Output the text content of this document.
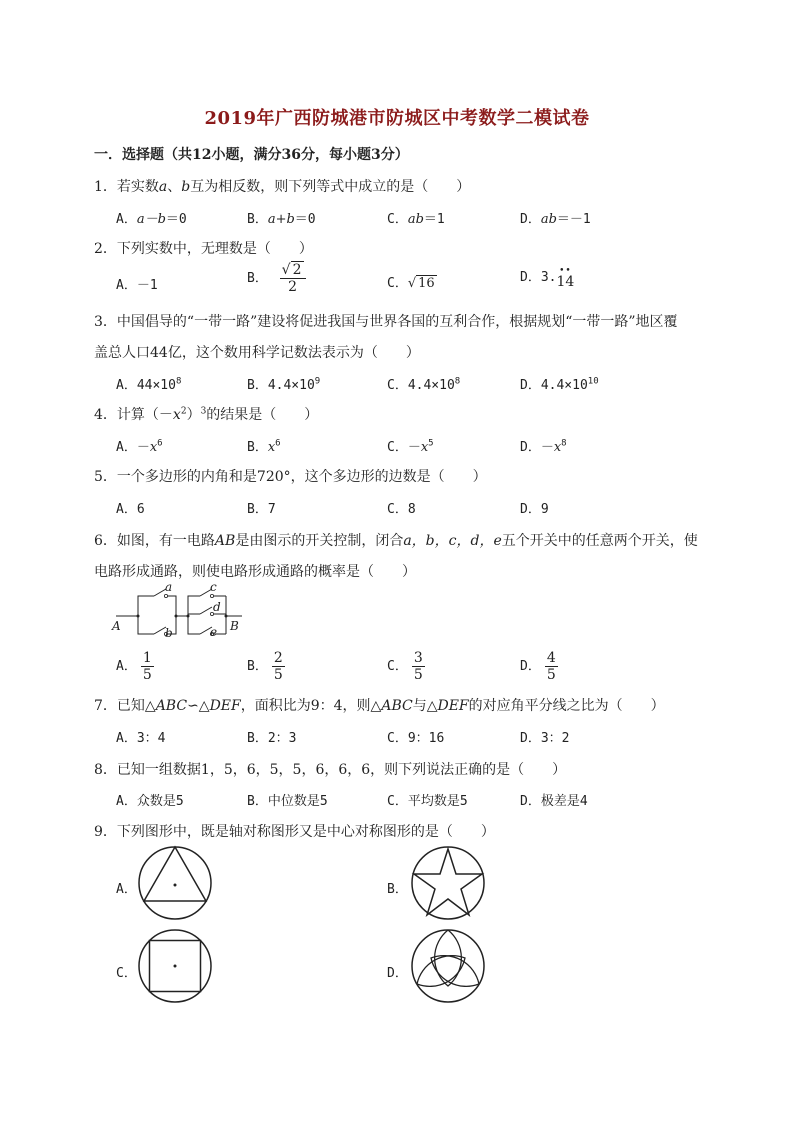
2019年广西防城港市防城区中考数学二模试卷
一．选择题（共12小题，满分36分，每小题3分）
1．若实数a、b互为相反数，则下列等式中成立的是（　　）
A．a－b＝0	B．a+b＝0	C．ab＝1	D．ab＝－1
2．下列实数中，无理数是（　　）
A．－1	B． $\frac{√ 2}{2}$	C．√ 16	D．3. ••
14
3．中国倡导的“一带一路”建设将促进我国与世界各国的互利合作，根据规划“一带一路”地区覆
盖总人口44亿，这个数用科学记数法表示为（　　）
A．$44\times 10^8$	B．$4.4\times 10^9$	C．$4.4\times 10^8$	D．$4.4\times 10^{10}$
4．计算$(-x^2)^3$的结果是（　　）
A．$-x^6$	B．$x^6$	C．$-x^5$	D．$-x^8$
5．一个多边形的内角和是720°，这个多边形的边数是（　　）
A．6	B．7	C．8	D．9
6．如图，有一电路AB是由图示的开关控制，闭合a，b，c，d，e五个开关中的任意两个开关，使
电路形成通路，则使电路形成通路的概率是（　　）
a
b
c
d
e
A	B
A． $\frac{1}{5}$	B． $\frac{2}{5}$	C． $\frac{3}{5}$	D． $\frac{4}{5}$
7．已知△ABC∽△DEF，面积比为9：4，则△ABC与△DEF的对应角平分线之比为（　　）
A．3：4	B．2：3	C．9：16	D．3：2
8．已知一组数据1，5，6，5，5，6，6，6，则下列说法正确的是（　　）
A．众数是5	B．中位数是5	C．平均数是5	D．极差是4
9．下列图形中，既是轴对称图形又是中心对称图形的是（　　）
A．	B．
C．	D．
